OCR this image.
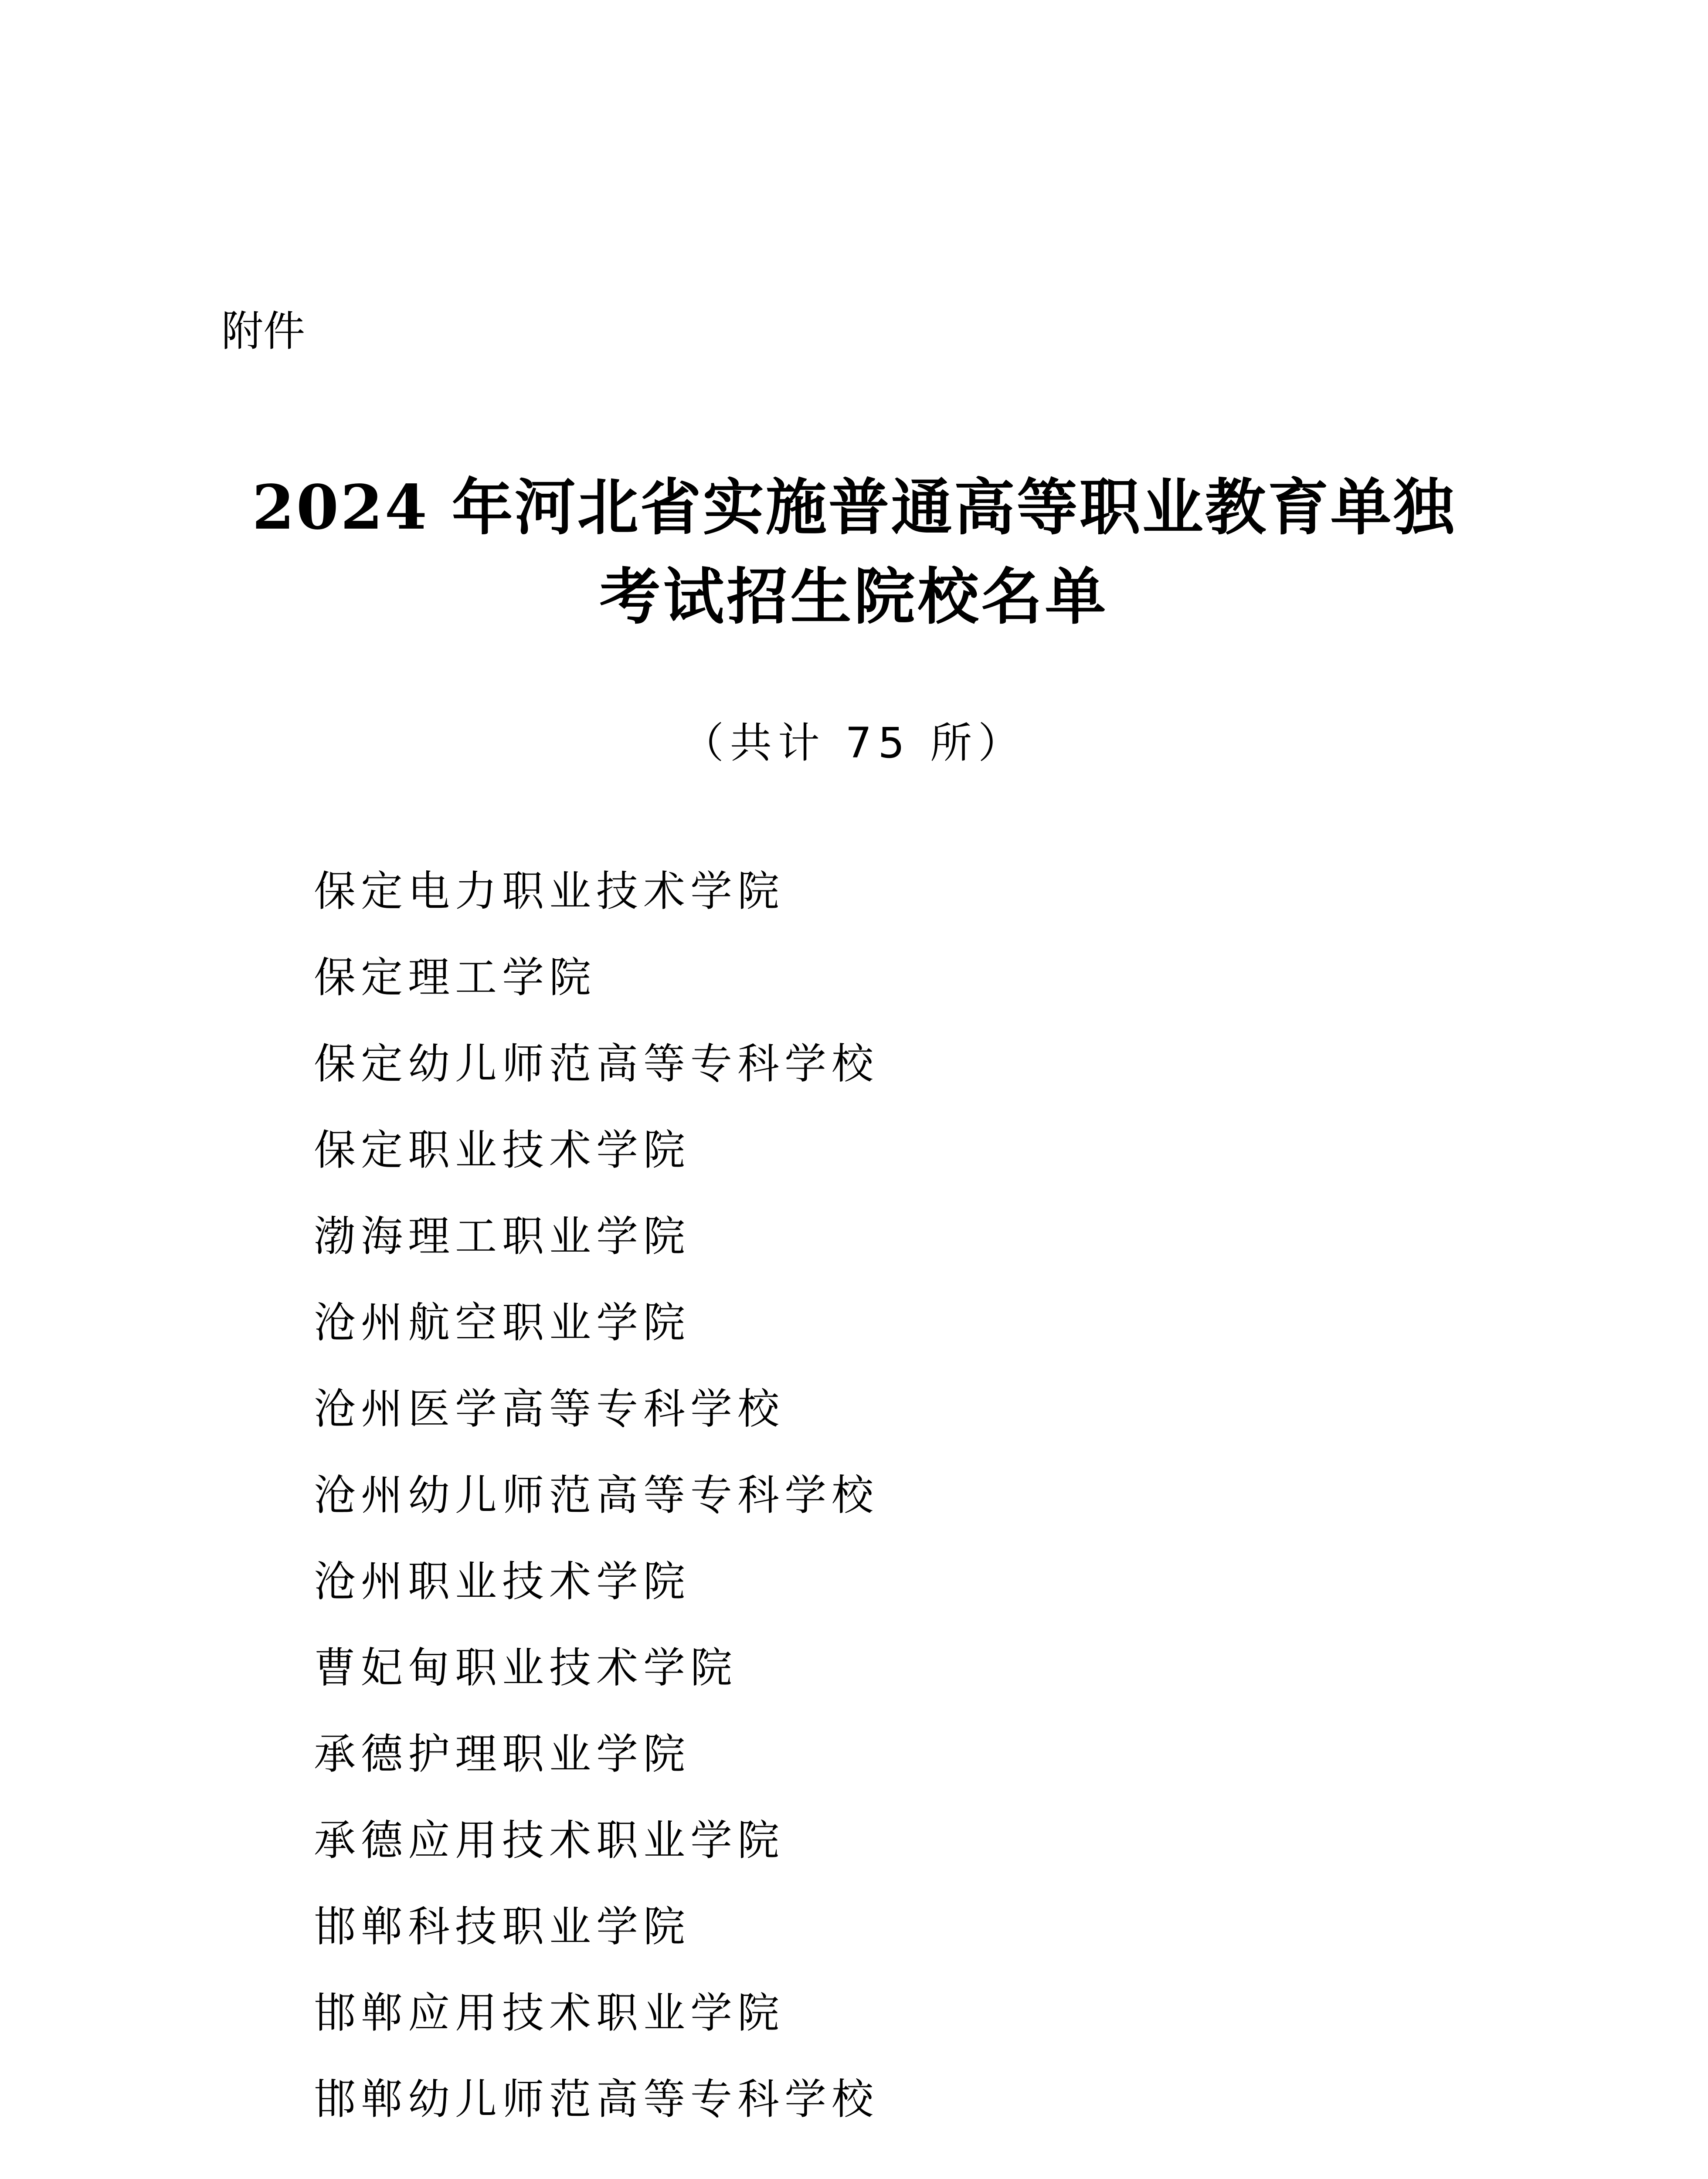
附件
2024 年河北省实施普通高等职业教育单独
考试招生院校名单
（共计 75 所）
保定电力职业技术学院
保定理工学院
保定幼儿师范高等专科学校
保定职业技术学院
渤海理工职业学院
沧州航空职业学院
沧州医学高等专科学校
沧州幼儿师范高等专科学校
沧州职业技术学院
曹妃甸职业技术学院
承德护理职业学院
承德应用技术职业学院
邯郸科技职业学院
邯郸应用技术职业学院
邯郸幼儿师范高等专科学校
